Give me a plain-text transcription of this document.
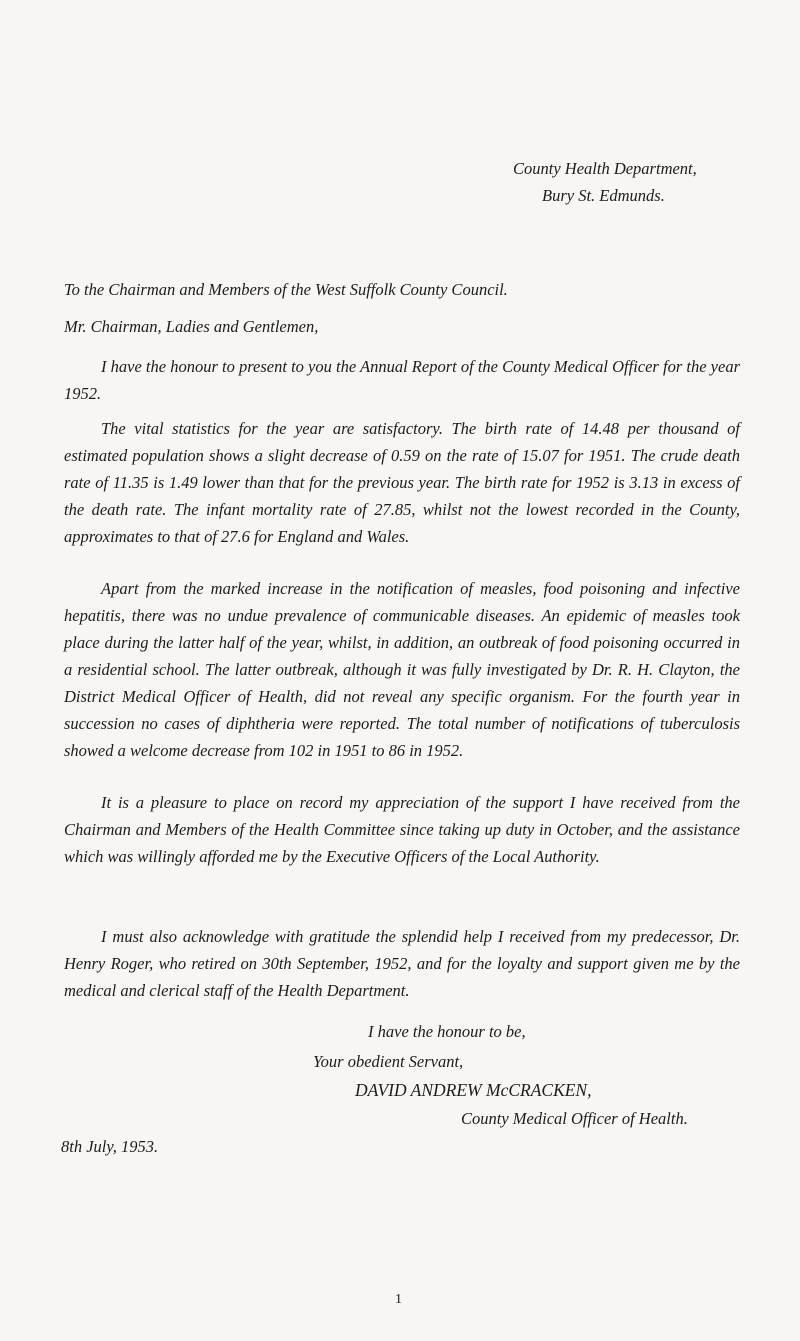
County Health Department,
Bury St. Edmunds.
To the Chairman and Members of the West Suffolk County Council.
Mr. Chairman, Ladies and Gentlemen,

I have the honour to present to you the Annual Report of the County Medical Officer for the year 1952.

The vital statistics for the year are satisfactory. The birth rate of 14.48 per thousand of estimated population shows a slight decrease of 0.59 on the rate of 15.07 for 1951. The crude death rate of 11.35 is 1.49 lower than that for the previous year. The birth rate for 1952 is 3.13 in excess of the death rate. The infant mortality rate of 27.85, whilst not the lowest recorded in the County, approximates to that of 27.6 for England and Wales.

Apart from the marked increase in the notification of measles, food poisoning and infective hepatitis, there was no undue prevalence of communicable diseases. An epidemic of measles took place during the latter half of the year, whilst, in addition, an outbreak of food poisoning occurred in a residential school. The latter outbreak, although it was fully investigated by Dr. R. H. Clayton, the District Medical Officer of Health, did not reveal any specific organism. For the fourth year in succession no cases of diphtheria were reported. The total number of notifications of tuberculosis showed a welcome decrease from 102 in 1951 to 86 in 1952.

It is a pleasure to place on record my appreciation of the support I have received from the Chairman and Members of the Health Committee since taking up duty in October, and the assistance which was willingly afforded me by the Executive Officers of the Local Authority.

I must also acknowledge with gratitude the splendid help I received from my predecessor, Dr. Henry Roger, who retired on 30th September, 1952, and for the loyalty and support given me by the medical and clerical staff of the Health Department.

I have the honour to be,
Your obedient Servant,
DAVID ANDREW McCRACKEN,
County Medical Officer of Health.
8th July, 1953.
1
